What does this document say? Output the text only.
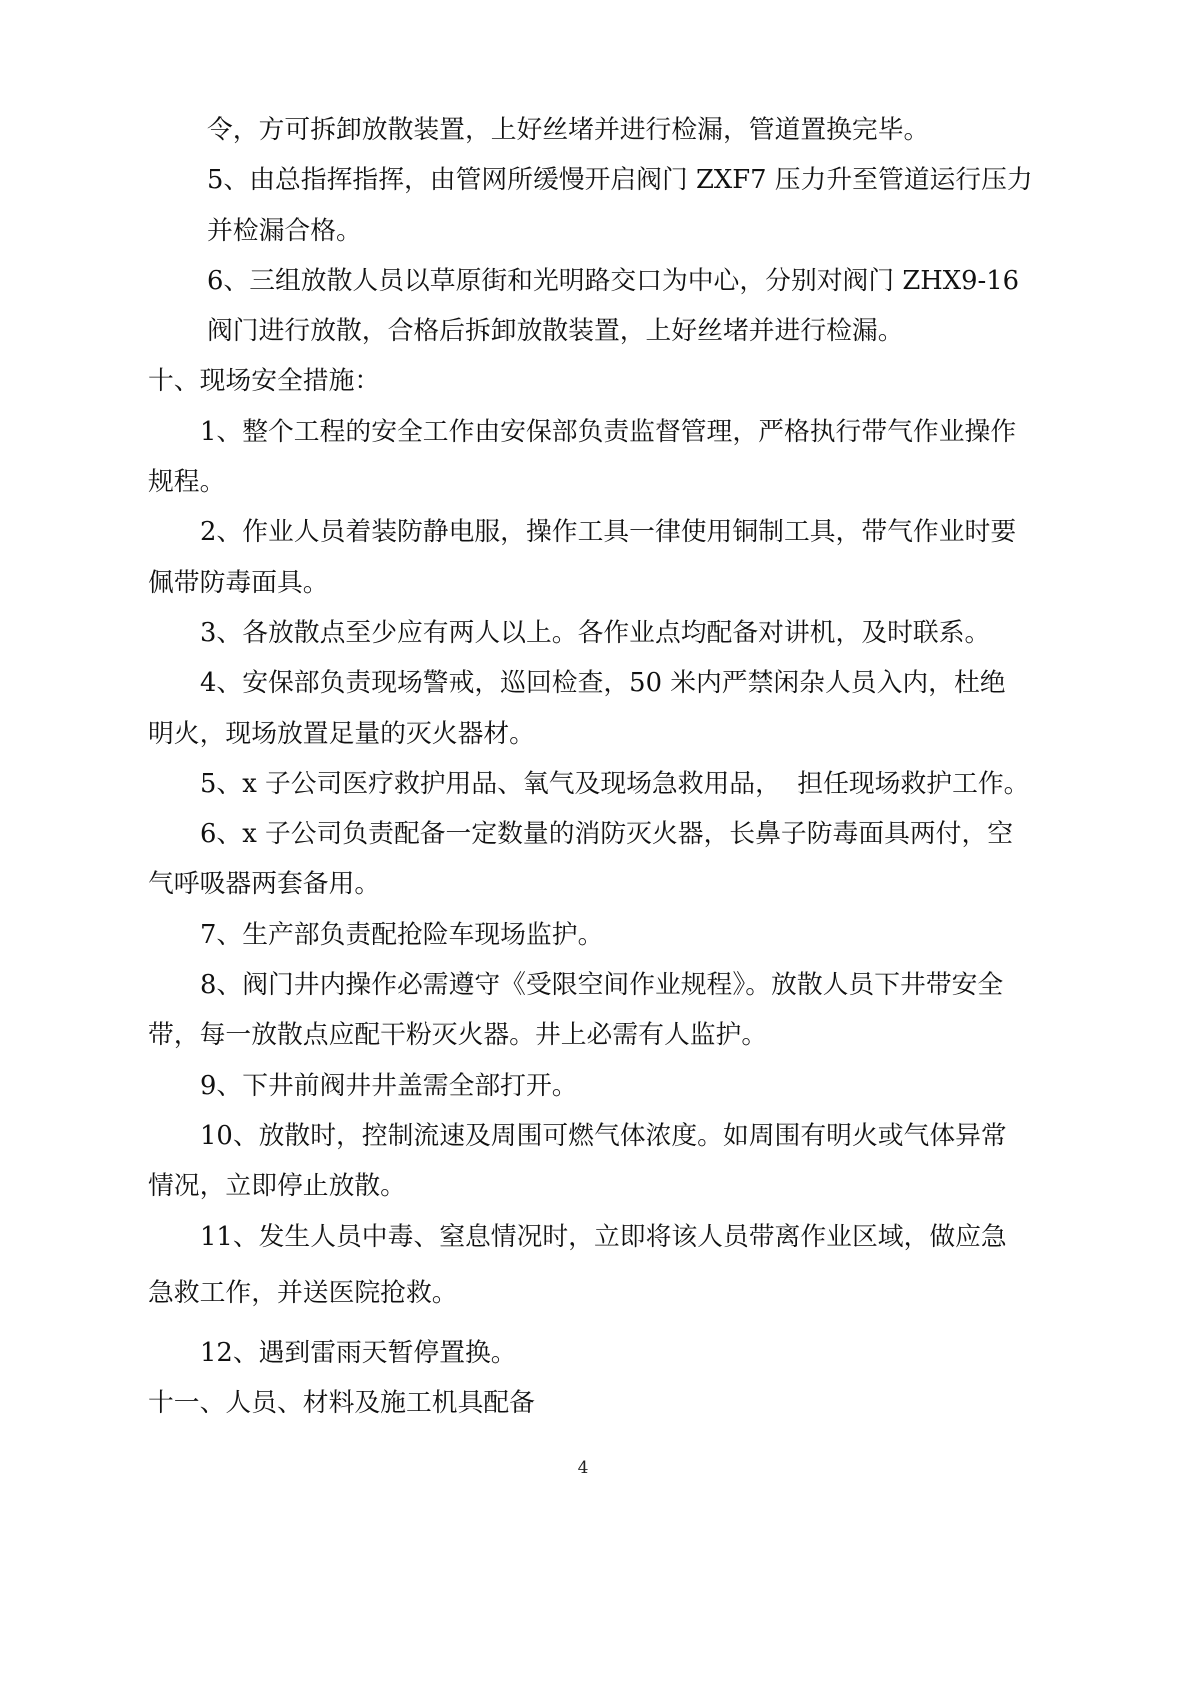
令，方可拆卸放散装置，上好丝堵并进行检漏，管道置换完毕。
5、由总指挥指挥，由管网所缓慢开启阀门 ZXF7 压力升至管道运行压力
并检漏合格。
6、三组放散人员以草原街和光明路交口为中心，分别对阀门 ZHX9-16
阀门进行放散，合格后拆卸放散装置，上好丝堵并进行检漏。
十、现场安全措施：
1、整个工程的安全工作由安保部负责监督管理，严格执行带气作业操作
规程。
2、作业人员着装防静电服，操作工具一律使用铜制工具，带气作业时要
佩带防毒面具。
3、各放散点至少应有两人以上。各作业点均配备对讲机，及时联系。
4、安保部负责现场警戒，巡回检查，50 米内严禁闲杂人员入内，杜绝
明火，现场放置足量的灭火器材。
5、x 子公司医疗救护用品、氧气及现场急救用品，  担任现场救护工作。
6、x 子公司负责配备一定数量的消防灭火器，长鼻子防毒面具两付，空
气呼吸器两套备用。
7、生产部负责配抢险车现场监护。
8、阀门井内操作必需遵守《受限空间作业规程》。放散人员下井带安全
带，每一放散点应配干粉灭火器。井上必需有人监护。
9、下井前阀井井盖需全部打开。
10、放散时，控制流速及周围可燃气体浓度。如周围有明火或气体异常
情况，立即停止放散。
11、发生人员中毒、窒息情况时，立即将该人员带离作业区域，做应急
急救工作，并送医院抢救。
12、遇到雷雨天暂停置换。
十一、人员、材料及施工机具配备
4
